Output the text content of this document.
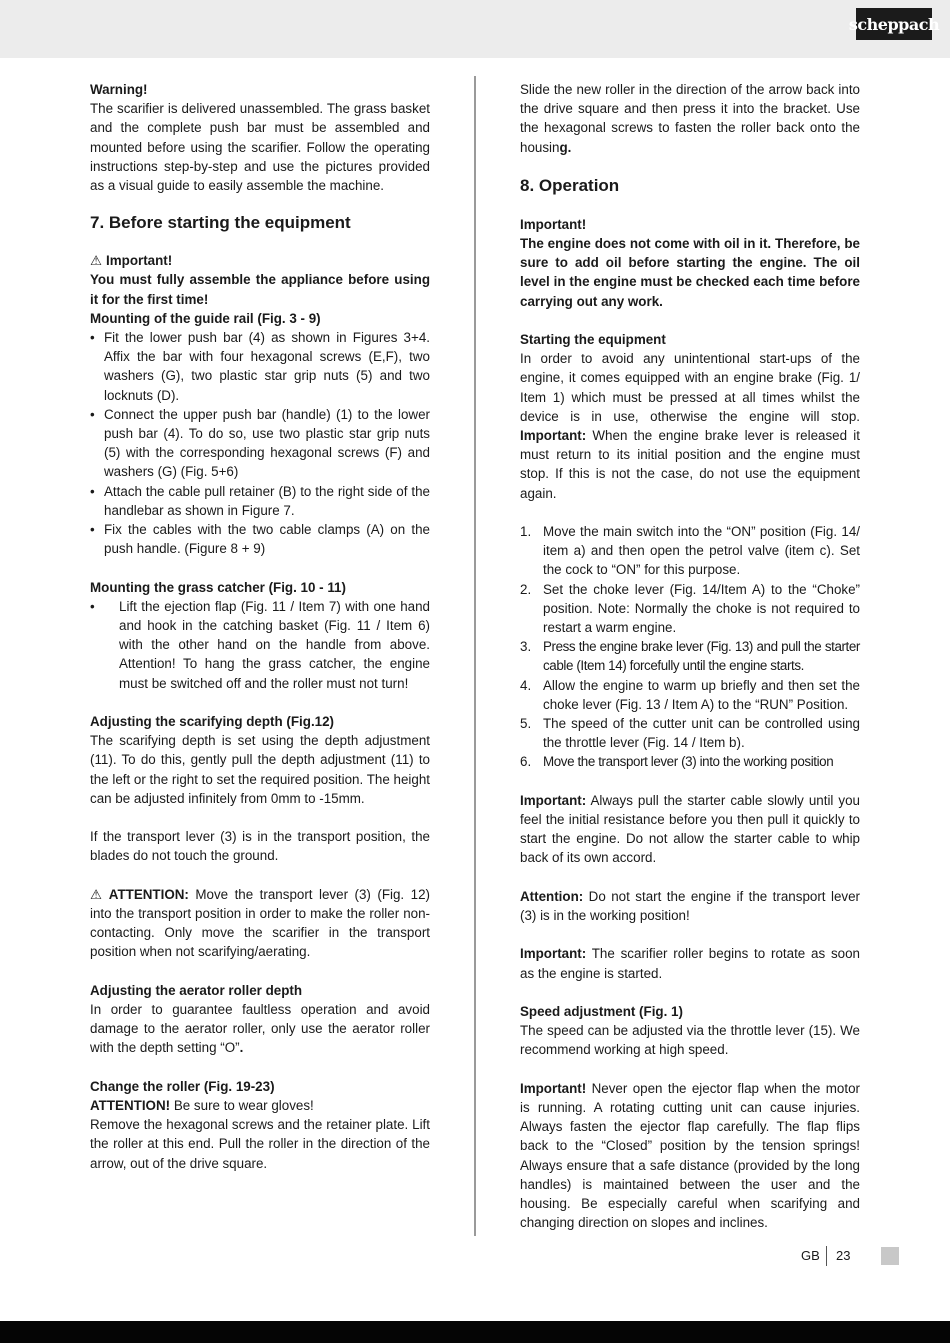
scheppach

Warning!

The scarifier is delivered unassembled. The grass basket and the complete push bar must be assembled and mounted before using the scarifier. Follow the operating instructions step-by-step and use the pictures provided as a visual guide to easily assemble the machine.

7. Before starting the equipment

⚠ Important!

You must fully assemble the appliance before using it for the first time!

Mounting of the guide rail (Fig. 3 - 9)

• Fit the lower push bar (4) as shown in Figures 3+4. Affix the bar with four hexagonal screws (E,F), two washers (G), two plastic star grip nuts (5) and two locknuts (D).
• Connect the upper push bar (handle) (1) to the lower push bar (4). To do so, use two plastic star grip nuts (5) with the corresponding hexagonal screws (F) and washers (G) (Fig. 5+6)
• Attach the cable pull retainer (B) to the right side of the handlebar as shown in Figure 7.
• Fix the cables with the two cable clamps (A) on the push handle. (Figure 8 + 9)

Mounting the grass catcher (Fig. 10 - 11)

• Lift the ejection flap (Fig. 11 / Item 7) with one hand and hook in the catching basket (Fig. 11 / Item 6) with the other hand on the handle from above. Attention! To hang the grass catcher, the engine must be switched off and the roller must not turn!

Adjusting the scarifying depth (Fig.12)

The scarifying depth is set using the depth adjustment (11). To do this, gently pull the depth adjustment (11) to the left or the right to set the required position. The height can be adjusted infinitely from 0mm to -15mm.

If the transport lever (3) is in the transport position, the blades do not touch the ground.

⚠ ATTENTION: Move the transport lever (3) (Fig. 12) into the transport position in order to make the roller non-contacting. Only move the scarifier in the transport position when not scarifying/aerating.

Adjusting the aerator roller depth

In order to guarantee faultless operation and avoid damage to the aerator roller, only use the aerator roller with the depth setting “O”.

Change the roller (Fig. 19-23)

ATTENTION! Be sure to wear gloves!

Remove the hexagonal screws and the retainer plate. Lift the roller at this end. Pull the roller in the direction of the arrow, out of the drive square.

Slide the new roller in the direction of the arrow back into the drive square and then press it into the bracket. Use the hexagonal screws to fasten the roller back onto the housing.

8. Operation

Important!

The engine does not come with oil in it. Therefore, be sure to add oil before starting the engine. The oil level in the engine must be checked each time before carrying out any work.

Starting the equipment

In order to avoid any unintentional start-ups of the engine, it comes equipped with an engine brake (Fig. 1/ Item 1) which must be pressed at all times whilst the device is in use, otherwise the engine will stop. Important: When the engine brake lever is released it must return to its initial position and the engine must stop. If this is not the case, do not use the equipment again.

1. Move the main switch into the “ON” position (Fig. 14/ item a) and then open the petrol valve (item c). Set the cock to “ON” for this purpose.
2. Set the choke lever (Fig. 14/Item A) to the “Choke” position. Note: Normally the choke is not required to restart a warm engine.
3. Press the engine brake lever (Fig. 13) and pull the starter cable (Item 14) forcefully until the engine starts.
4. Allow the engine to warm up briefly and then set the choke lever (Fig. 13 / Item A) to the “RUN” Position.
5. The speed of the cutter unit can be controlled using the throttle lever (Fig. 14 / Item b).
6. Move the transport lever (3) into the working position

Important: Always pull the starter cable slowly until you feel the initial resistance before you then pull it quickly to start the engine. Do not allow the starter cable to whip back of its own accord.

Attention: Do not start the engine if the transport lever (3) is in the working position!

Important: The scarifier roller begins to rotate as soon as the engine is started.

Speed adjustment (Fig. 1)

The speed can be adjusted via the throttle lever (15). We recommend working at high speed.

Important! Never open the ejector flap when the motor is running. A rotating cutting unit can cause injuries. Always fasten the ejector flap carefully. The flap flips back to the “Closed” position by the tension springs! Always ensure that a safe distance (provided by the long handles) is maintained between the user and the housing. Be especially careful when scarifying and changing direction on slopes and inclines.

GB 23
